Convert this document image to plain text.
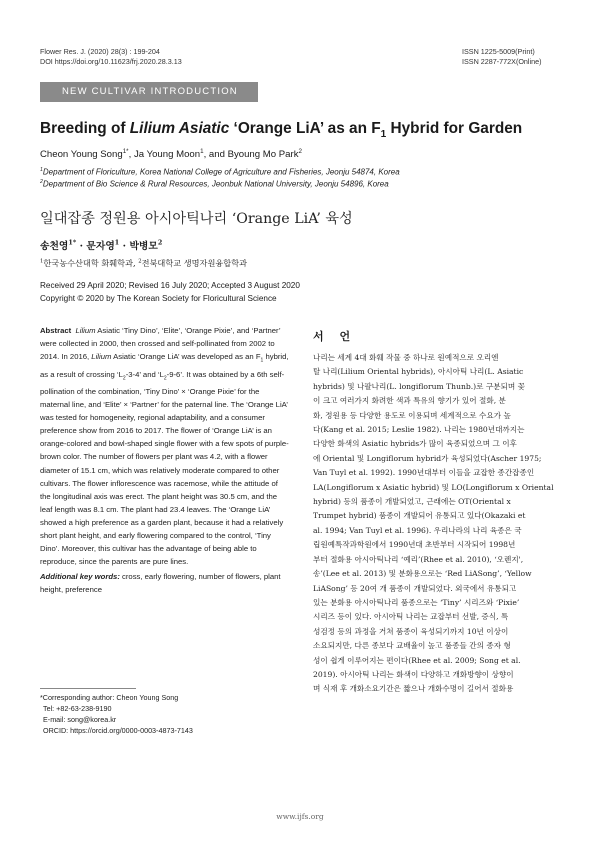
Flower Res. J. (2020) 28(3) : 199-204
DOI https://doi.org/10.11623/frj.2020.28.3.13
ISSN 1225-5009(Print)
ISSN 2287-772X(Online)
NEW CULTIVAR INTRODUCTION
Breeding of Lilium Asiatic ‘Orange LiA’ as an $F_1$ Hybrid for Garden
Cheon Young Song$^{1*}$, Ja Young Moon$^1$, and Byoung Mo Park$^2$
$^1$Department of Floriculture, Korea National College of Agriculture and Fisheries, Jeonju 54874, Korea
$^2$Department of Bio Science & Rural Resources, Jeonbuk National University, Jeonju 54896, Korea
일대잡종 정원용 아시아틱나리 ‘Orange LiA’ 육성
송천영$^{1*}$ · 문자영$^1$ · 박병모$^2$
$^1$한국농수산대학 화훼학과, $^2$전북대학교 생명자원융합학과
Received 29 April 2020; Revised 16 July 2020; Accepted 3 August 2020
Copyright © 2020 by The Korean Society for Floricultural Science

Abstract Lilium Asiatic ‘Tiny Dino’, ‘Elite’, ‘Orange Pixie’, and ‘Partner’ were collected in 2000, then crossed and self-pollinated from 2002 to 2014. In 2016, Lilium Asiatic ‘Orange LiA’ was developed as an $F_1$ hybrid, as a result of crossing ‘$L_2-3-4$’ and ‘$L_2-9-6$’. It was obtained by a 6th self-pollination of the combination, ‘Tiny Dino’ × ‘Orange Pixie’ for the maternal line, and ‘Elite’ × ‘Partner’ for the paternal line. The ‘Orange LiA’ was tested for homogeneity, regional adaptability, and a consumer preference show from 2016 to 2017. The flower of ‘Orange LiA’ is an orange-colored and bowl-shaped single flower with a few spots of purple-brown color. The number of flowers per plant was 4.2, with a flower diameter of 15.1 cm, which was relatively moderate compared to other cultivars. The flower inflorescence was racemose, while the attitude of the longitudinal axis was erect. The plant height was 30.5 cm, and the leaf length was 8.1 cm. The plant had 23.4 leaves. The ‘Orange LiA’ showed a high preference as a garden plant, because it had a relatively short plant height, and early flowering compared to the control, ‘Tiny Dino’. Moreover, this cultivar has the advantage of being able to reproduce, since the parents are pure lines.

Additional key words: cross, early flowering, number of flowers, plant height, preference

*Corresponding author: Cheon Young Song
Tel: +82-63-238-9190
E-mail: song@korea.kr
ORCID: https://orcid.org/0000-0003-4873-7143
서 언

나리는 세계 4대 화훼 작물 중 하나로 원예적으로 오리엔

탈 나리(Lilium Oriental hybrids), 아시아틱 나리(L. Asiatic

hybrids) 및 나팔나리(L. longiflorum Thunb.)로 구분되며 꽃

이 크고 여러가지 화려한 색과 특유의 향기가 있어 절화, 분

화, 정원용 등 다양한 용도로 이용되며 세계적으로 수요가 높

다(Kang et al. 2015; Leslie 1982). 나리는 1980년대까지는

다양한 화색의 Asiatic hybrids가 많이 육종되었으며 그 이후

에 Oriental 및 Longiflorum hybrid가 육성되었다(Ascher 1975;

Van Tuyl et al. 1992). 1990년대부터 이들을 교잡한 종간잡종인

LA(Longiflorum x Asiatic hybrid) 및 LO(Longiflorum x Oriental

hybrid) 등의 품종이 개발되었고, 근래에는 OT(Oriental x

Trumpet hybrid) 품종이 개발되어 유통되고 있다(Okazaki et

al. 1994; Van Tuyl et al. 1996). 우리나라의 나리 육종은 국

립원예특작과학원에서 1990년대 초반부터 시작되어 1998년

부터 절화용 아시아틱나리 ‘예리’(Rhee et al. 2010), ‘오렌지',

송’(Lee et al. 2013) 및 분화용으로는 ‘Red LiASong’, ‘Yellow

LiASong’ 등 20여 개 품종이 개발되었다. 외국에서 유통되고

있는 분화용 아시아틱나리 품종으로는 ‘Tiny’ 시리즈와 ‘Pixie’

시리즈 등이 있다. 아시아틱 나리는 교잡부터 선발, 증식, 특

성검정 등의 과정을 거쳐 품종이 육성되기까지 10년 이상이

소요되지만, 다른 종보다 교배율이 높고 품종들 간의 종자 형

성이 쉽게 이루어지는 편이다(Rhee et al. 2009; Song et al.

2019). 아시아틱 나리는 화색이 다양하고 개화방향이 상향이

며 식재 후 개화소요기간은 짧으나 개화수명이 길어서 절화용

www.ijfs.org
